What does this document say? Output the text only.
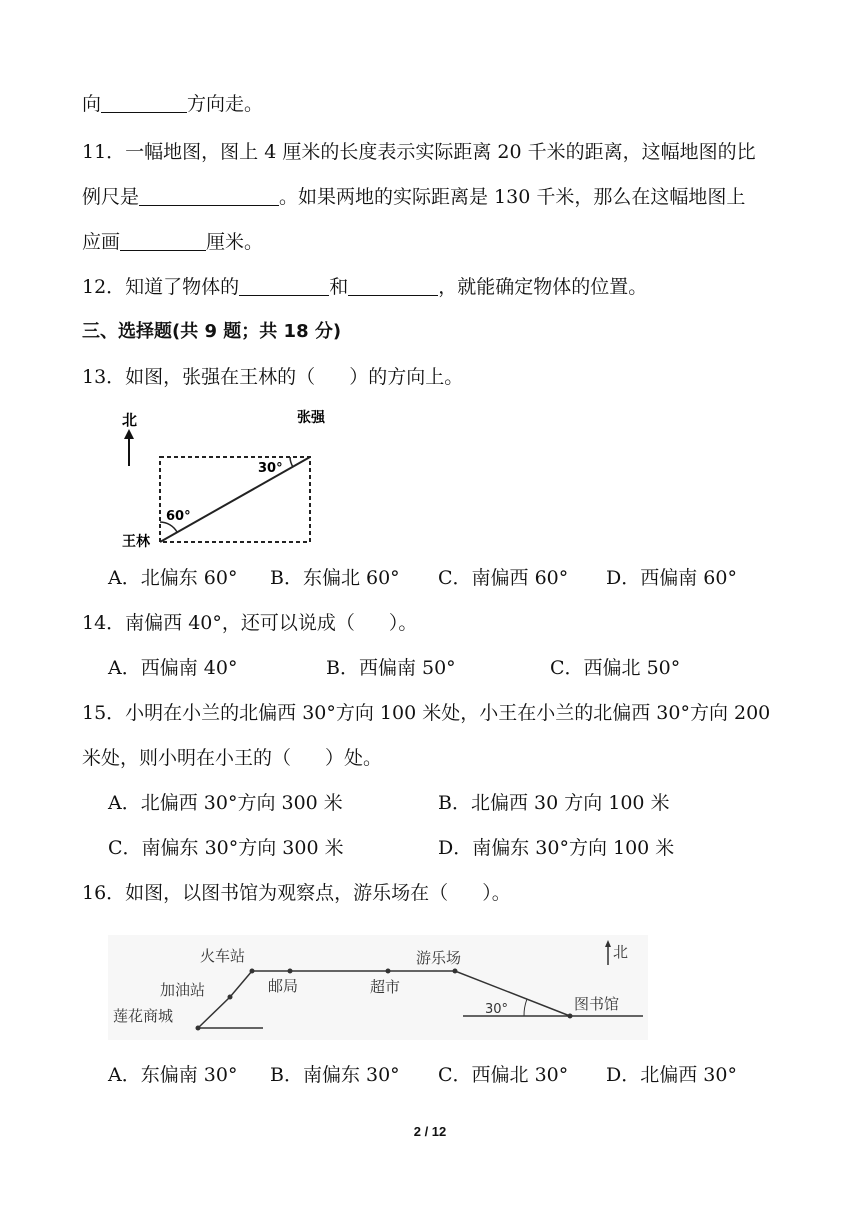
向	方向走。
11．一幅地图，图上 4 厘米的长度表示实际距离 20 千米的距离，这幅地图的比
例尺是	。如果两地的实际距离是 130 千米，那么在这幅地图上
应画	厘米。
12．知道了物体的	和	，就能确定物体的位置。
三、选择题(共 9 题；共 18 分)
13．如图，张强在王林的（ ）的方向上。
北	张强
30°
60°
王林
A．北偏东 60° B．东偏北 60° C．南偏西 60° D．西偏南 60°
14．南偏西 40°，还可以说成（ ）。
A．西偏南 40°	B．西偏南 50°	C．西偏北 50°
15．小明在小兰的北偏西 30°方向 100 米处，小王在小兰的北偏西 30°方向 200
米处，则小明在小王的（ ）处。
A．北偏西 30°方向 300 米	B．北偏西 30 方向 100 米
C．南偏东 30°方向 300 米	D．南偏东 30°方向 100 米
16．如图，以图书馆为观察点，游乐场在（ ）。
火车站
加油站
莲花商城
邮局	超市
游乐场
30°	图书馆
北
A．东偏南 30° B．南偏东 30° C．西偏北 30° D．北偏西 30°
2 / 12
